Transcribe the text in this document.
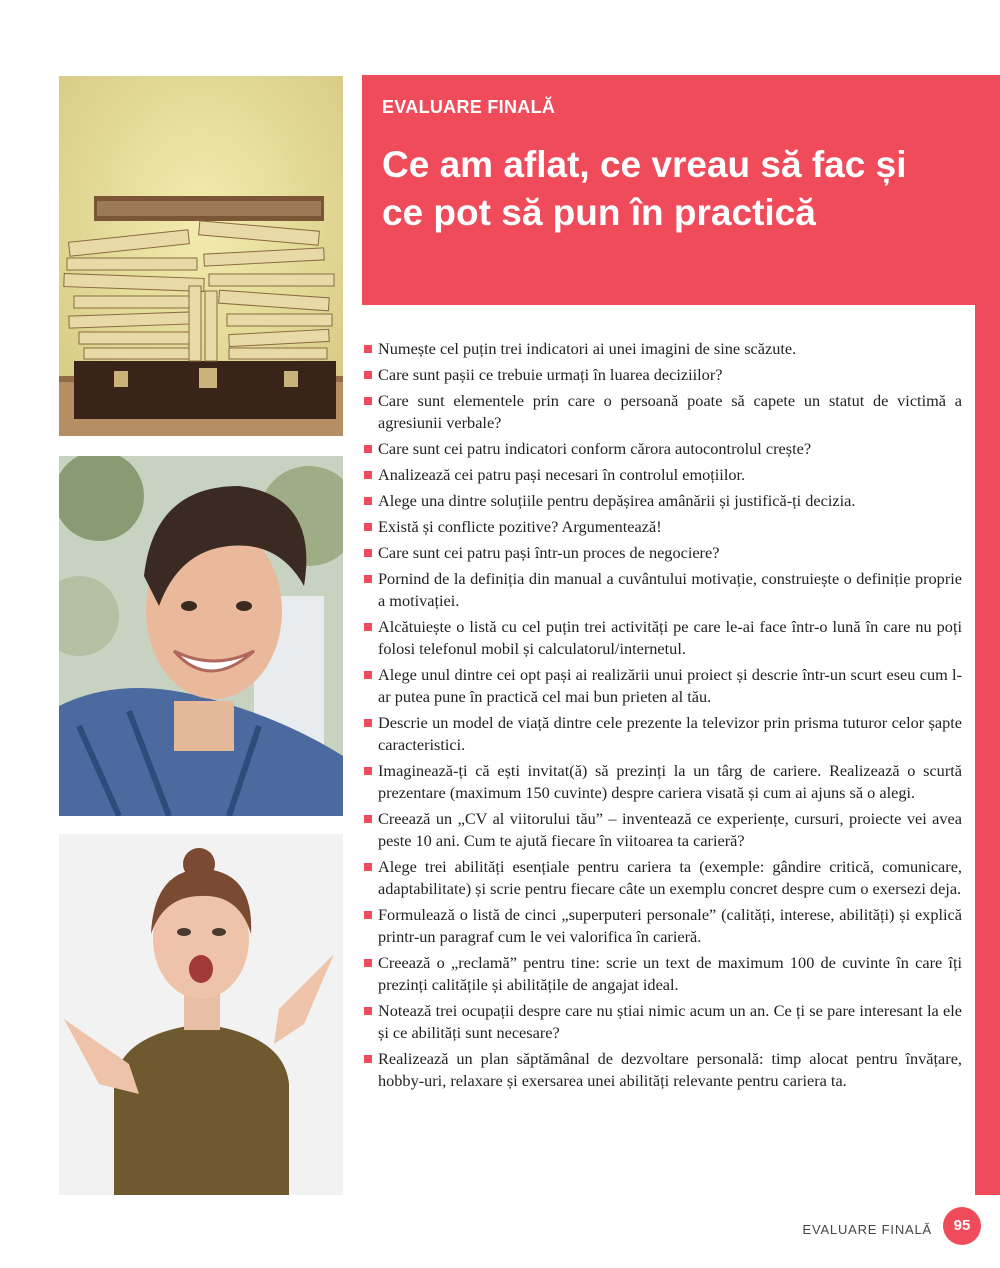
EVALUARE FINALĂ
Ce am aflat, ce vreau să fac și ce pot să pun în practică
Numește cel puțin trei indicatori ai unei imagini de sine scăzute.
Care sunt pașii ce trebuie urmați în luarea deciziilor?
Care sunt elementele prin care o persoană poate să capete un statut de victimă a agresiunii verbale?
Care sunt cei patru indicatori conform cărora autocontrolul crește?
Analizează cei patru pași necesari în controlul emoțiilor.
Alege una dintre soluțiile pentru depășirea amânării și justifică-ți decizia.
Există și conflicte pozitive? Argumentează!
Care sunt cei patru pași într-un proces de negociere?
Pornind de la definiția din manual a cuvântului motivație, construiește o definiție proprie a motivației.
Alcătuiește o listă cu cel puțin trei activități pe care le-ai face într-o lună în care nu poți folosi telefonul mobil și calculatorul/internetul.
Alege unul dintre cei opt pași ai realizării unui proiect și descrie într-un scurt eseu cum l-ar putea pune în practică cel mai bun prieten al tău.
Descrie un model de viață dintre cele prezente la televizor prin prisma tuturor celor șapte caracteristici.
Imaginează-ți că ești invitat(ă) să prezinți la un târg de cariere. Realizează o scurtă prezentare (maximum 150 cuvinte) despre cariera visată și cum ai ajuns să o alegi.
Creează un „CV al viitorului tău” – inventează ce experiențe, cursuri, proiecte vei avea peste 10 ani. Cum te ajută fiecare în viitoarea ta carieră?
Alege trei abilități esențiale pentru cariera ta (exemple: gândire critică, comunicare, adaptabilitate) și scrie pentru fiecare câte un exemplu concret despre cum o exersezi deja.
Formulează o listă de cinci „superputeri personale” (calități, interese, abilități) și explică printr-un paragraf cum le vei valorifica în carieră.
Creează o „reclamă” pentru tine: scrie un text de maximum 100 de cuvinte în care îți prezinți calitățile și abilitățile de angajat ideal.
Notează trei ocupații despre care nu știai nimic acum un an. Ce ți se pare interesant la ele și ce abilități sunt necesare?
Realizează un plan săptămânal de dezvoltare personală: timp alocat pentru învățare, hobby-uri, relaxare și exersarea unei abilități relevante pentru cariera ta.
EVALUARE FINALĂ	95
